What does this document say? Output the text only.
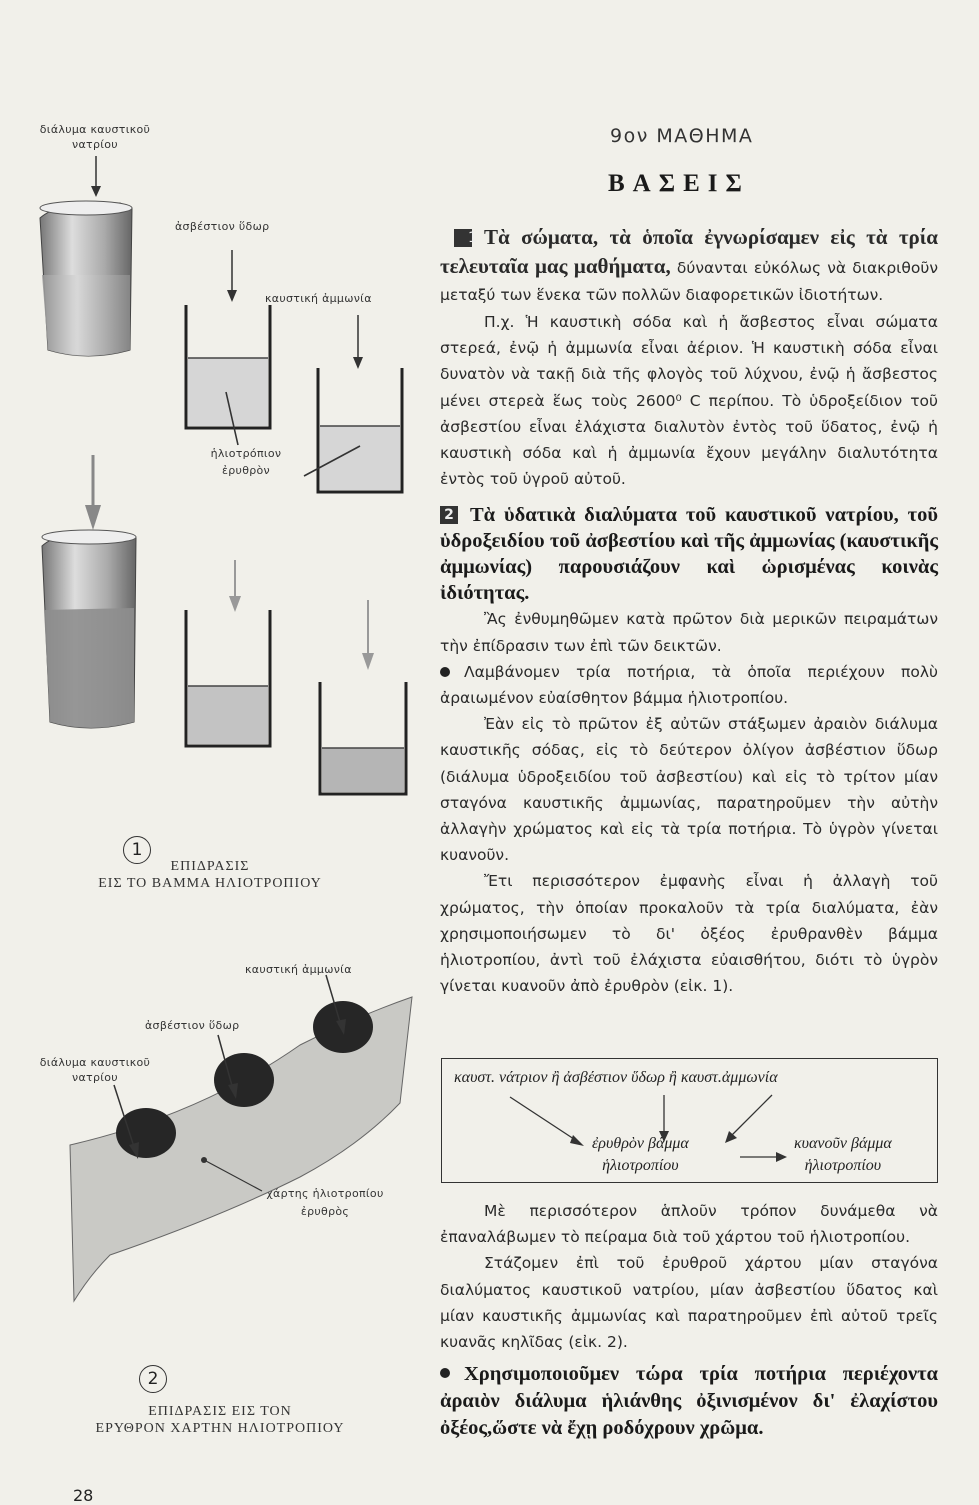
διάλυμα καυστικοῦ
νατρίου
ἀσβέστιον ὕδωρ
καυστική ἀμμωνία
ἡλιοτρόπιον
ἐρυθρὸν
1
ΕΠΙΔΡΑΣΙΣ
ΕΙΣ ΤΟ ΒΑΜΜΑ ΗΛΙΟΤΡΟΠΙΟΥ
καυστική ἀμμωνία
ἀσβέστιον ὕδωρ
διάλυμα καυστικοῦ
νατρίου
χάρτης ἡλιοτροπίου
ἐρυθρὸς
2
ΕΠΙΔΡΑΣΙΣ ΕΙΣ ΤΟΝ
ΕΡΥΘΡΟΝ ΧΑΡΤΗΝ ΗΛΙΟΤΡΟΠΙΟΥ
28
9ον ΜΑΘΗΜΑ
ΒΑΣΕΙΣ

1 Τὰ σώματα, τὰ ὁποῖα ἐγνωρίσαμεν εἰς τὰ τρία τελευταῖα μας μαθήματα, δύνανται εὐκόλως νὰ διακριθοῦν μεταξύ των ἕνεκα τῶν πολλῶν διαφορετικῶν ἰδιοτήτων.

Π.χ. Ἡ καυστικὴ σόδα καὶ ἡ ἄσβεστος εἶναι σώματα στερεά, ἐνῷ ἡ ἀμμωνία εἶναι ἀέριον. Ἡ καυστικὴ σόδα εἶναι δυνατὸν νὰ τακῇ διὰ τῆς φλογὸς τοῦ λύχνου, ἐνῷ ἡ ἄσβεστος μένει στερεὰ ἕως τοὺς 2600⁰ C περίπου. Τὸ ὑδροξείδιον τοῦ ἀσβεστίου εἶναι ἐλάχιστα διαλυτὸν ἐντὸς τοῦ ὕδατος, ἐνῷ ἡ καυστικὴ σόδα καὶ ἡ ἀμμωνία ἔχουν μεγάλην διαλυτότητα ἐντὸς τοῦ ὑγροῦ αὐτοῦ.

2 Τὰ ὑδατικὰ διαλύματα τοῦ καυστικοῦ νατρίου, τοῦ ὑδροξειδίου τοῦ ἀσβεστίου καὶ τῆς ἀμμωνίας (καυστικῆς ἀμμωνίας) παρουσιάζουν καὶ ὡρισμένας κοινὰς ἰδιότητας.

Ἂς ἐνθυμηθῶμεν κατὰ πρῶτον διὰ μερικῶν πειραμάτων τὴν ἐπίδρασιν των ἐπὶ τῶν δεικτῶν.

Λαμβάνομεν τρία ποτήρια, τὰ ὁποῖα περιέχουν πολὺ ἀραιωμένον εὐαίσθητον βάμμα ἡλιοτροπίου.

Ἐὰν εἰς τὸ πρῶτον ἐξ αὐτῶν στάξωμεν ἀραιὸν διάλυμα καυστικῆς σόδας, εἰς τὸ δεύτερον ὀλίγον ἀσβέστιον ὕδωρ (διάλυμα ὑδροξειδίου τοῦ ἀσβεστίου) καὶ εἰς τὸ τρίτον μίαν σταγόνα καυστικῆς ἀμμωνίας, παρατηροῦμεν τὴν αὐτὴν ἀλλαγὴν χρώματος καὶ εἰς τὰ τρία ποτήρια. Τὸ ὑγρὸν γίνεται κυανοῦν.

Ἔτι περισσότερον ἐμφανὴς εἶναι ἡ ἀλλαγὴ τοῦ χρώματος, τὴν ὁποίαν προκαλοῦν τὰ τρία διαλύματα, ἐὰν χρησιμοποιήσωμεν τὸ δι' ὀξέος ἐρυθρανθὲν βάμμα ἡλιοτροπίου, ἀντὶ τοῦ ἐλάχιστα εὐαισθήτου, διότι τὸ ὑγρὸν γίνεται κυανοῦν ἀπὸ ἐρυθρὸν (εἰκ. 1).

καυστ. νάτριον ἢ ἀσβέστιον ὕδωρ ἢ καυστ.ἀμμωνία
ἐρυθρὸν βάμμα
ἡλιοτροπίου
κυανοῦν βάμμα
ἡλιοτροπίου

Μὲ περισσότερον ἁπλοῦν τρόπον δυνάμεθα νὰ ἐπαναλάβωμεν τὸ πείραμα διὰ τοῦ χάρτου τοῦ ἡλιοτροπίου.

Στάζομεν ἐπὶ τοῦ ἐρυθροῦ χάρτου μίαν σταγόνα διαλύματος καυστικοῦ νατρίου, μίαν ἀσβεστίου ὕδατος καὶ μίαν καυστικῆς ἀμμωνίας καὶ παρατηροῦμεν ἐπὶ αὐτοῦ τρεῖς κυανᾶς κηλῖδας (εἰκ. 2).

Χρησιμοποιοῦμεν τώρα τρία ποτήρια περιέχοντα ἀραιὸν διάλυμα ἡλιάνθης ὀξινισμένον δι' ἐλαχίστου ὀξέος,ὥστε νὰ ἔχῃ ροδόχρουν χρῶμα.
